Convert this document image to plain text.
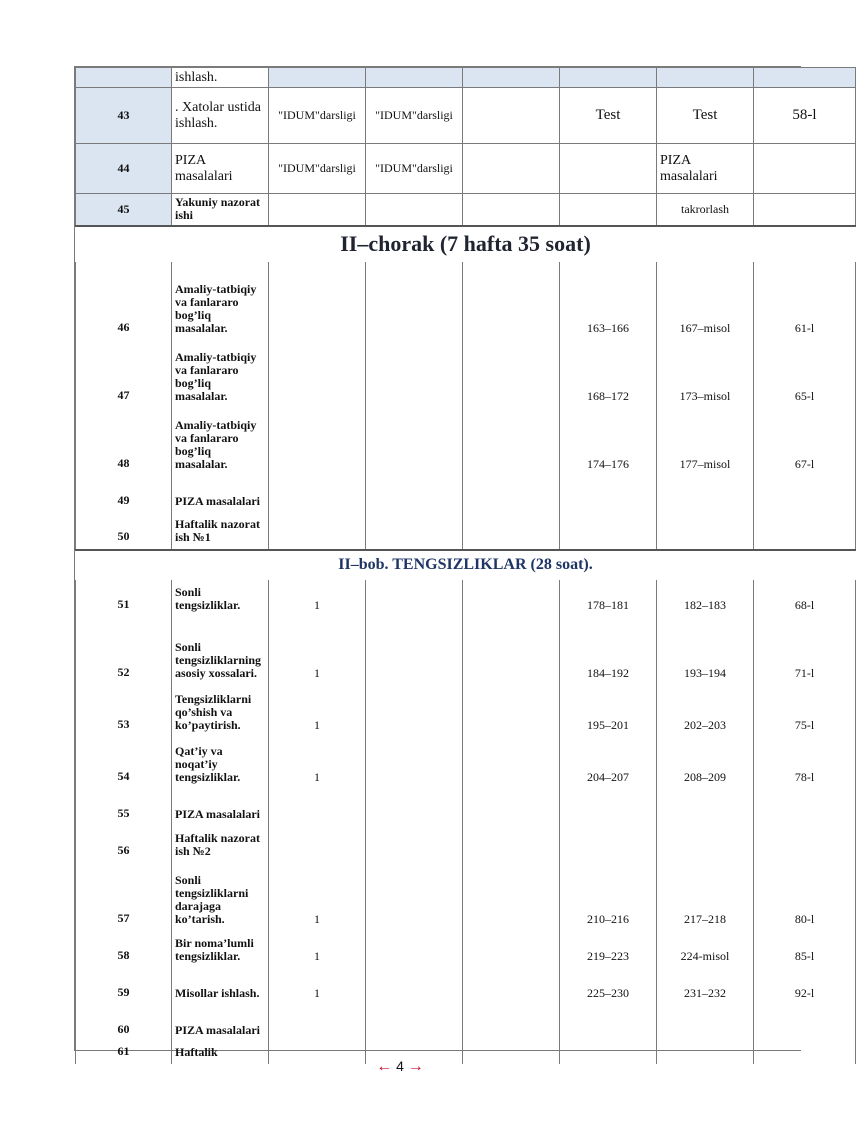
	ishlash.						
43	. Xatolar ustida ishlash.	"IDUM"darsligi	"IDUM"darsligi		Test	Test	58-l
44	PIZA masalalari	"IDUM"darsligi	"IDUM"darsligi			PIZA masalalari	
45	Yakuniy nazorat ishi					takrorlash	
II–chorak (7 hafta 35 soat)							
46	Amaliy-tatbiqiy va fanlararo bog’liq masalalar.				163–166	167–misol	61-l
47	Amaliy-tatbiqiy va fanlararo bog’liq masalalar.				168–172	173–misol	65-l
48	Amaliy-tatbiqiy va fanlararo bog’liq masalalar.				174–176	177–misol	67-l
49	PIZA masalalari						
50	Haftalik nazorat ish №1						
II–bob. TENGSIZLIKLAR (28 soat).							
51	Sonli tengsizliklar.	1			178–181	182–183	68-l
52	Sonli tengsizliklarning asosiy xossalari.	1			184–192	193–194	71-l
53	Tengsizliklarni qo’shish va ko’paytirish.	1			195–201	202–203	75-l
54	Qat’iy va noqat’iy tengsizliklar.	1			204–207	208–209	78-l
55	PIZA masalalari						
56	Haftalik nazorat ish №2						
57	Sonli tengsizliklarni darajaga ko’tarish.	1			210–216	217–218	80-l
58	Bir noma’lumli tengsizliklar.	1			219–223	224-misol	85-l
59	Misollar ishlash.	1			225–230	231–232	92-l
60	PIZA masalalari						
61	Haftalik						
← 4 →
